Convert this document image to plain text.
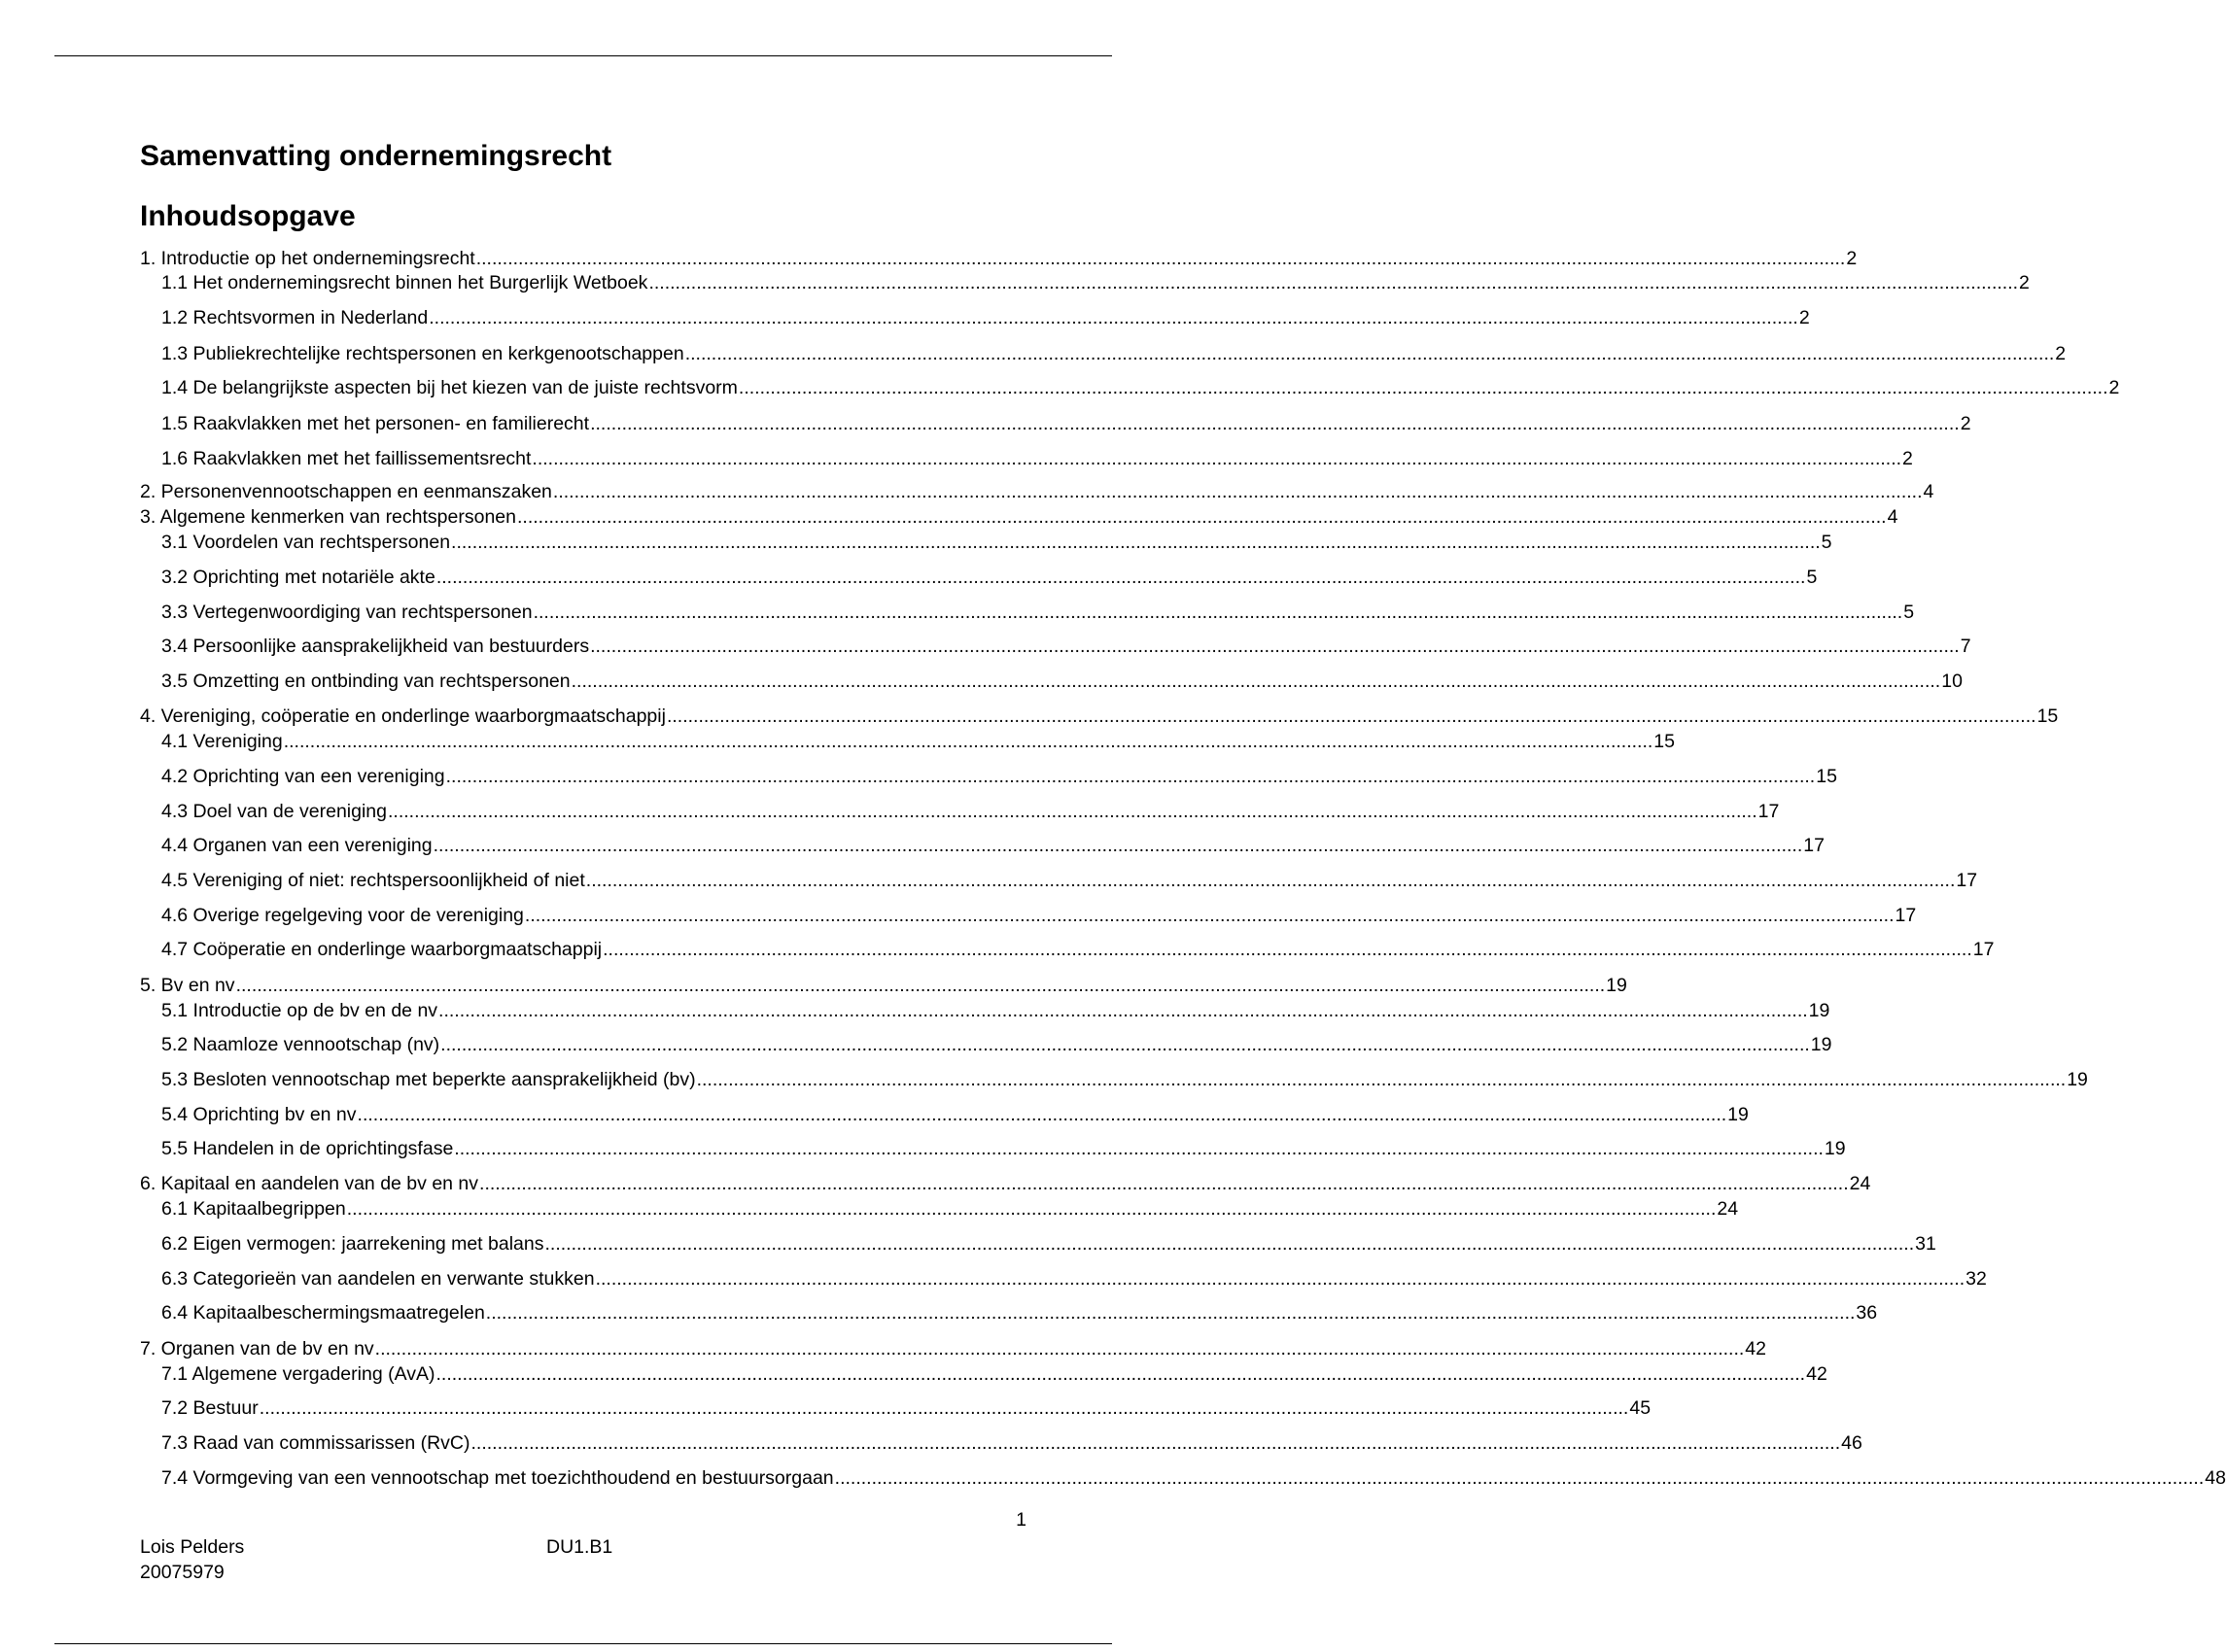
Samenvatting ondernemingsrecht
Inhoudsopgave
1. Introductie op het ondernemingsrecht .................................................................................................................................................................................................................................................................... 2
1.1 Het ondernemingsrecht binnen het Burgerlijk Wetboek .................................................................................................................................................................................................................................................................... 2
1.2 Rechtsvormen in Nederland .................................................................................................................................................................................................................................................................... 2
1.3 Publiekrechtelijke rechtspersonen en kerkgenootschappen .................................................................................................................................................................................................................................................................... 2
1.4 De belangrijkste aspecten bij het kiezen van de juiste rechtsvorm .................................................................................................................................................................................................................................................................... 2
1.5 Raakvlakken met het personen- en familierecht .................................................................................................................................................................................................................................................................... 2
1.6 Raakvlakken met het faillissementsrecht .................................................................................................................................................................................................................................................................... 2
2. Personenvennootschappen en eenmanszaken .................................................................................................................................................................................................................................................................... 4
3. Algemene kenmerken van rechtspersonen .................................................................................................................................................................................................................................................................... 4
3.1 Voordelen van rechtspersonen .................................................................................................................................................................................................................................................................... 5
3.2 Oprichting met notariële akte .................................................................................................................................................................................................................................................................... 5
3.3 Vertegenwoordiging van rechtspersonen .................................................................................................................................................................................................................................................................... 5
3.4 Persoonlijke aansprakelijkheid van bestuurders .................................................................................................................................................................................................................................................................... 7
3.5 Omzetting en ontbinding van rechtspersonen .................................................................................................................................................................................................................................................................... 10
4. Vereniging, coöperatie en onderlinge waarborgmaatschappij .................................................................................................................................................................................................................................................................... 15
4.1 Vereniging .................................................................................................................................................................................................................................................................... 15
4.2 Oprichting van een vereniging .................................................................................................................................................................................................................................................................... 15
4.3 Doel van de vereniging .................................................................................................................................................................................................................................................................... 17
4.4 Organen van een vereniging .................................................................................................................................................................................................................................................................... 17
4.5 Vereniging of niet: rechtspersoonlijkheid of niet .................................................................................................................................................................................................................................................................... 17
4.6 Overige regelgeving voor de vereniging .................................................................................................................................................................................................................................................................... 17
4.7 Coöperatie en onderlinge waarborgmaatschappij .................................................................................................................................................................................................................................................................... 17
5. Bv en nv .................................................................................................................................................................................................................................................................... 19
5.1 Introductie op de bv en de nv .................................................................................................................................................................................................................................................................... 19
5.2 Naamloze vennootschap (nv) .................................................................................................................................................................................................................................................................... 19
5.3 Besloten vennootschap met beperkte aansprakelijkheid (bv) .................................................................................................................................................................................................................................................................... 19
5.4 Oprichting bv en nv .................................................................................................................................................................................................................................................................... 19
5.5 Handelen in de oprichtingsfase .................................................................................................................................................................................................................................................................... 19
6. Kapitaal en aandelen van de bv en nv .................................................................................................................................................................................................................................................................... 24
6.1 Kapitaalbegrippen .................................................................................................................................................................................................................................................................... 24
6.2 Eigen vermogen: jaarrekening met balans .................................................................................................................................................................................................................................................................... 31
6.3 Categorieën van aandelen en verwante stukken .................................................................................................................................................................................................................................................................... 32
6.4 Kapitaalbeschermingsmaatregelen .................................................................................................................................................................................................................................................................... 36
7. Organen van de bv en nv .................................................................................................................................................................................................................................................................... 42
7.1 Algemene vergadering (AvA) .................................................................................................................................................................................................................................................................... 42
7.2 Bestuur .................................................................................................................................................................................................................................................................... 45
7.3 Raad van commissarissen (RvC) .................................................................................................................................................................................................................................................................... 46
7.4 Vormgeving van een vennootschap met toezichthoudend en bestuursorgaan .................................................................................................................................................................................................................................................................... 48
1
Lois Pelders
20075979
DU1.B1
